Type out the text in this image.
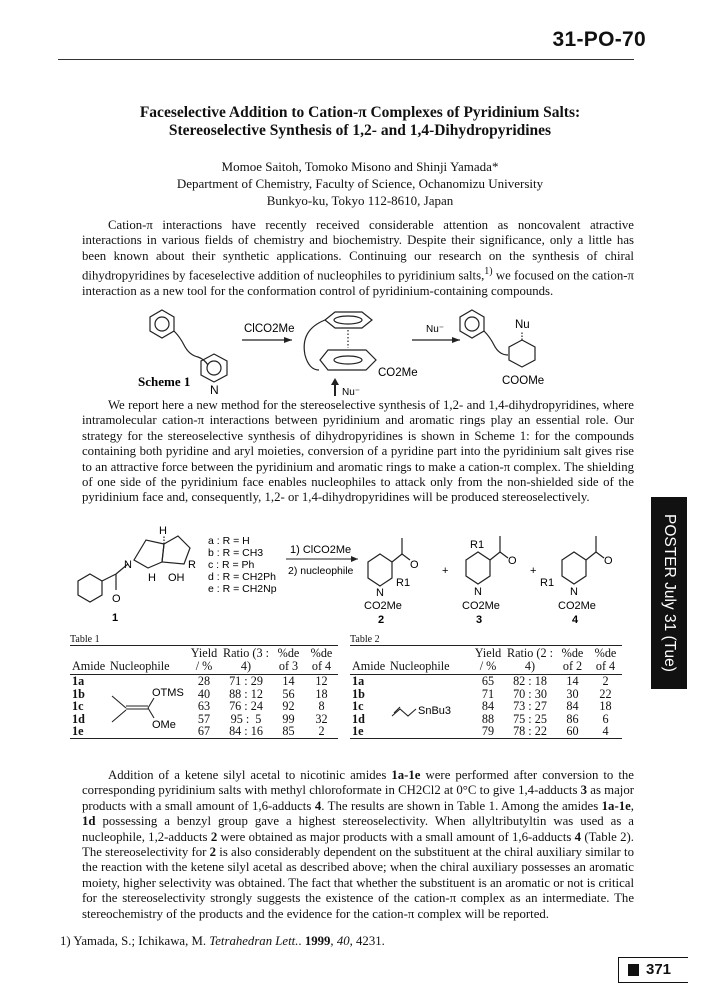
31-PO-70
Faceselective Addition to Cation-π Complexes of Pyridinium Salts:
Stereoselective Synthesis of 1,2- and 1,4-Dihydropyridines
Momoe Saitoh, Tomoko Misono and Shinji Yamada*
Department of Chemistry, Faculty of Science, Ochanomizu University
Bunkyo-ku, Tokyo 112-8610, Japan
Cation-π interactions have recently received considerable attention as noncovalent atractive interactions in various fields of chemistry and biochemistry. Despite their significance, only a little has been known about their synthetic applications. Continuing our research on the synthesis of chiral dihydropyridines by faceselective addition of nucleophiles to pyridinium salts,$^{1)}$ we focused on the cation-π interaction as a new tool for the conformation control of pyridinium-containing compounds.
N
ClCO2Me	Nu⁻
CO2Me
Nu⁻
Nu
COOMe
Scheme 1
We report here a new method for the stereoselective synthesis of 1,2- and 1,4-dihydropyridines, where intramolecular cation-π interactions between pyridinium and aromatic rings play an essential role. Our strategy for the stereoselective synthesis of dihydropyridines is shown in Scheme 1: for the compounds containing both pyridine and aryl moieties, conversion of a pyridine part into the pyridinium salt gives rise to an attractive force between the pyridinium and aromatic rings to make a cation-π complex. The shielding of one side of the pyridinium face enables nucleophiles to attack only from the non-shielded side of the pyridinium face and, consequently, 1,2- or 1,4-dihydropyridines will be produced stereoselectively.
H
N
H
R
OH
O
1
a : R = H
b : R = CH3
c : R = Ph
d : R = CH2Ph
e : R = CH2Np
1) ClCO2Me
2) nucleophile	O
N
R1
CO2Me
2
+
R1
O
N
CO2Me
3
+
O
R1
N
CO2Me
4
Table 1
Amide	Nucleophile	Yield / %	Ratio (3 : 4)	%de of 3	%de of 4
1a		28	71 : 29	14	12
1b		40	88 : 12	56	18
1c		63	76 : 24	92	8
1d		57	95 :  5	99	32
1e		67	84 : 16	85	2
OTMS
OMe
Table 2
Amide	Nucleophile	Yield / %	Ratio (2 : 4)	%de of 2	%de of 4
1a		65	82 : 18	14	2
1b		71	70 : 30	30	22
1c		84	73 : 27	84	18
1d		88	75 : 25	86	6
1e		79	78 : 22	60	4
SnBu3
Addition of a ketene silyl acetal to nicotinic amides 1a-1e were performed after conversion to the corresponding pyridinium salts with methyl chloroformate in CH2Cl2 at 0°C to give 1,4-adducts 3 as major products with a small amount of 1,6-adducts 4. The results are shown in Table 1. Among the amides 1a-1e, 1d possessing a benzyl group gave a highest stereoselectivity. When allyltributyltin was used as a nucleophile, 1,2-adducts 2 were obtained as major products with a small amount of 1,6-adducts 4 (Table 2). The stereoselectivity for 2 is also considerably dependent on the substituent at the chiral auxiliary similar to the reaction with the ketene silyl acetal as described above; when the chiral auxiliary possesses an aromatic moiety, higher selectivity was obtained. The fact that whether the substituent is an aromatic or not is critical for the stereoselectivity strongly suggests the existence of the cation-π complex as an intermediate. The stereochemistry of the products and the evidence for the cation-π complex will be reported.
1) Yamada, S.; Ichikawa, M. Tetrahedran Lett.. 1999, 40, 4231.
POSTER July 31 (Tue)
371
